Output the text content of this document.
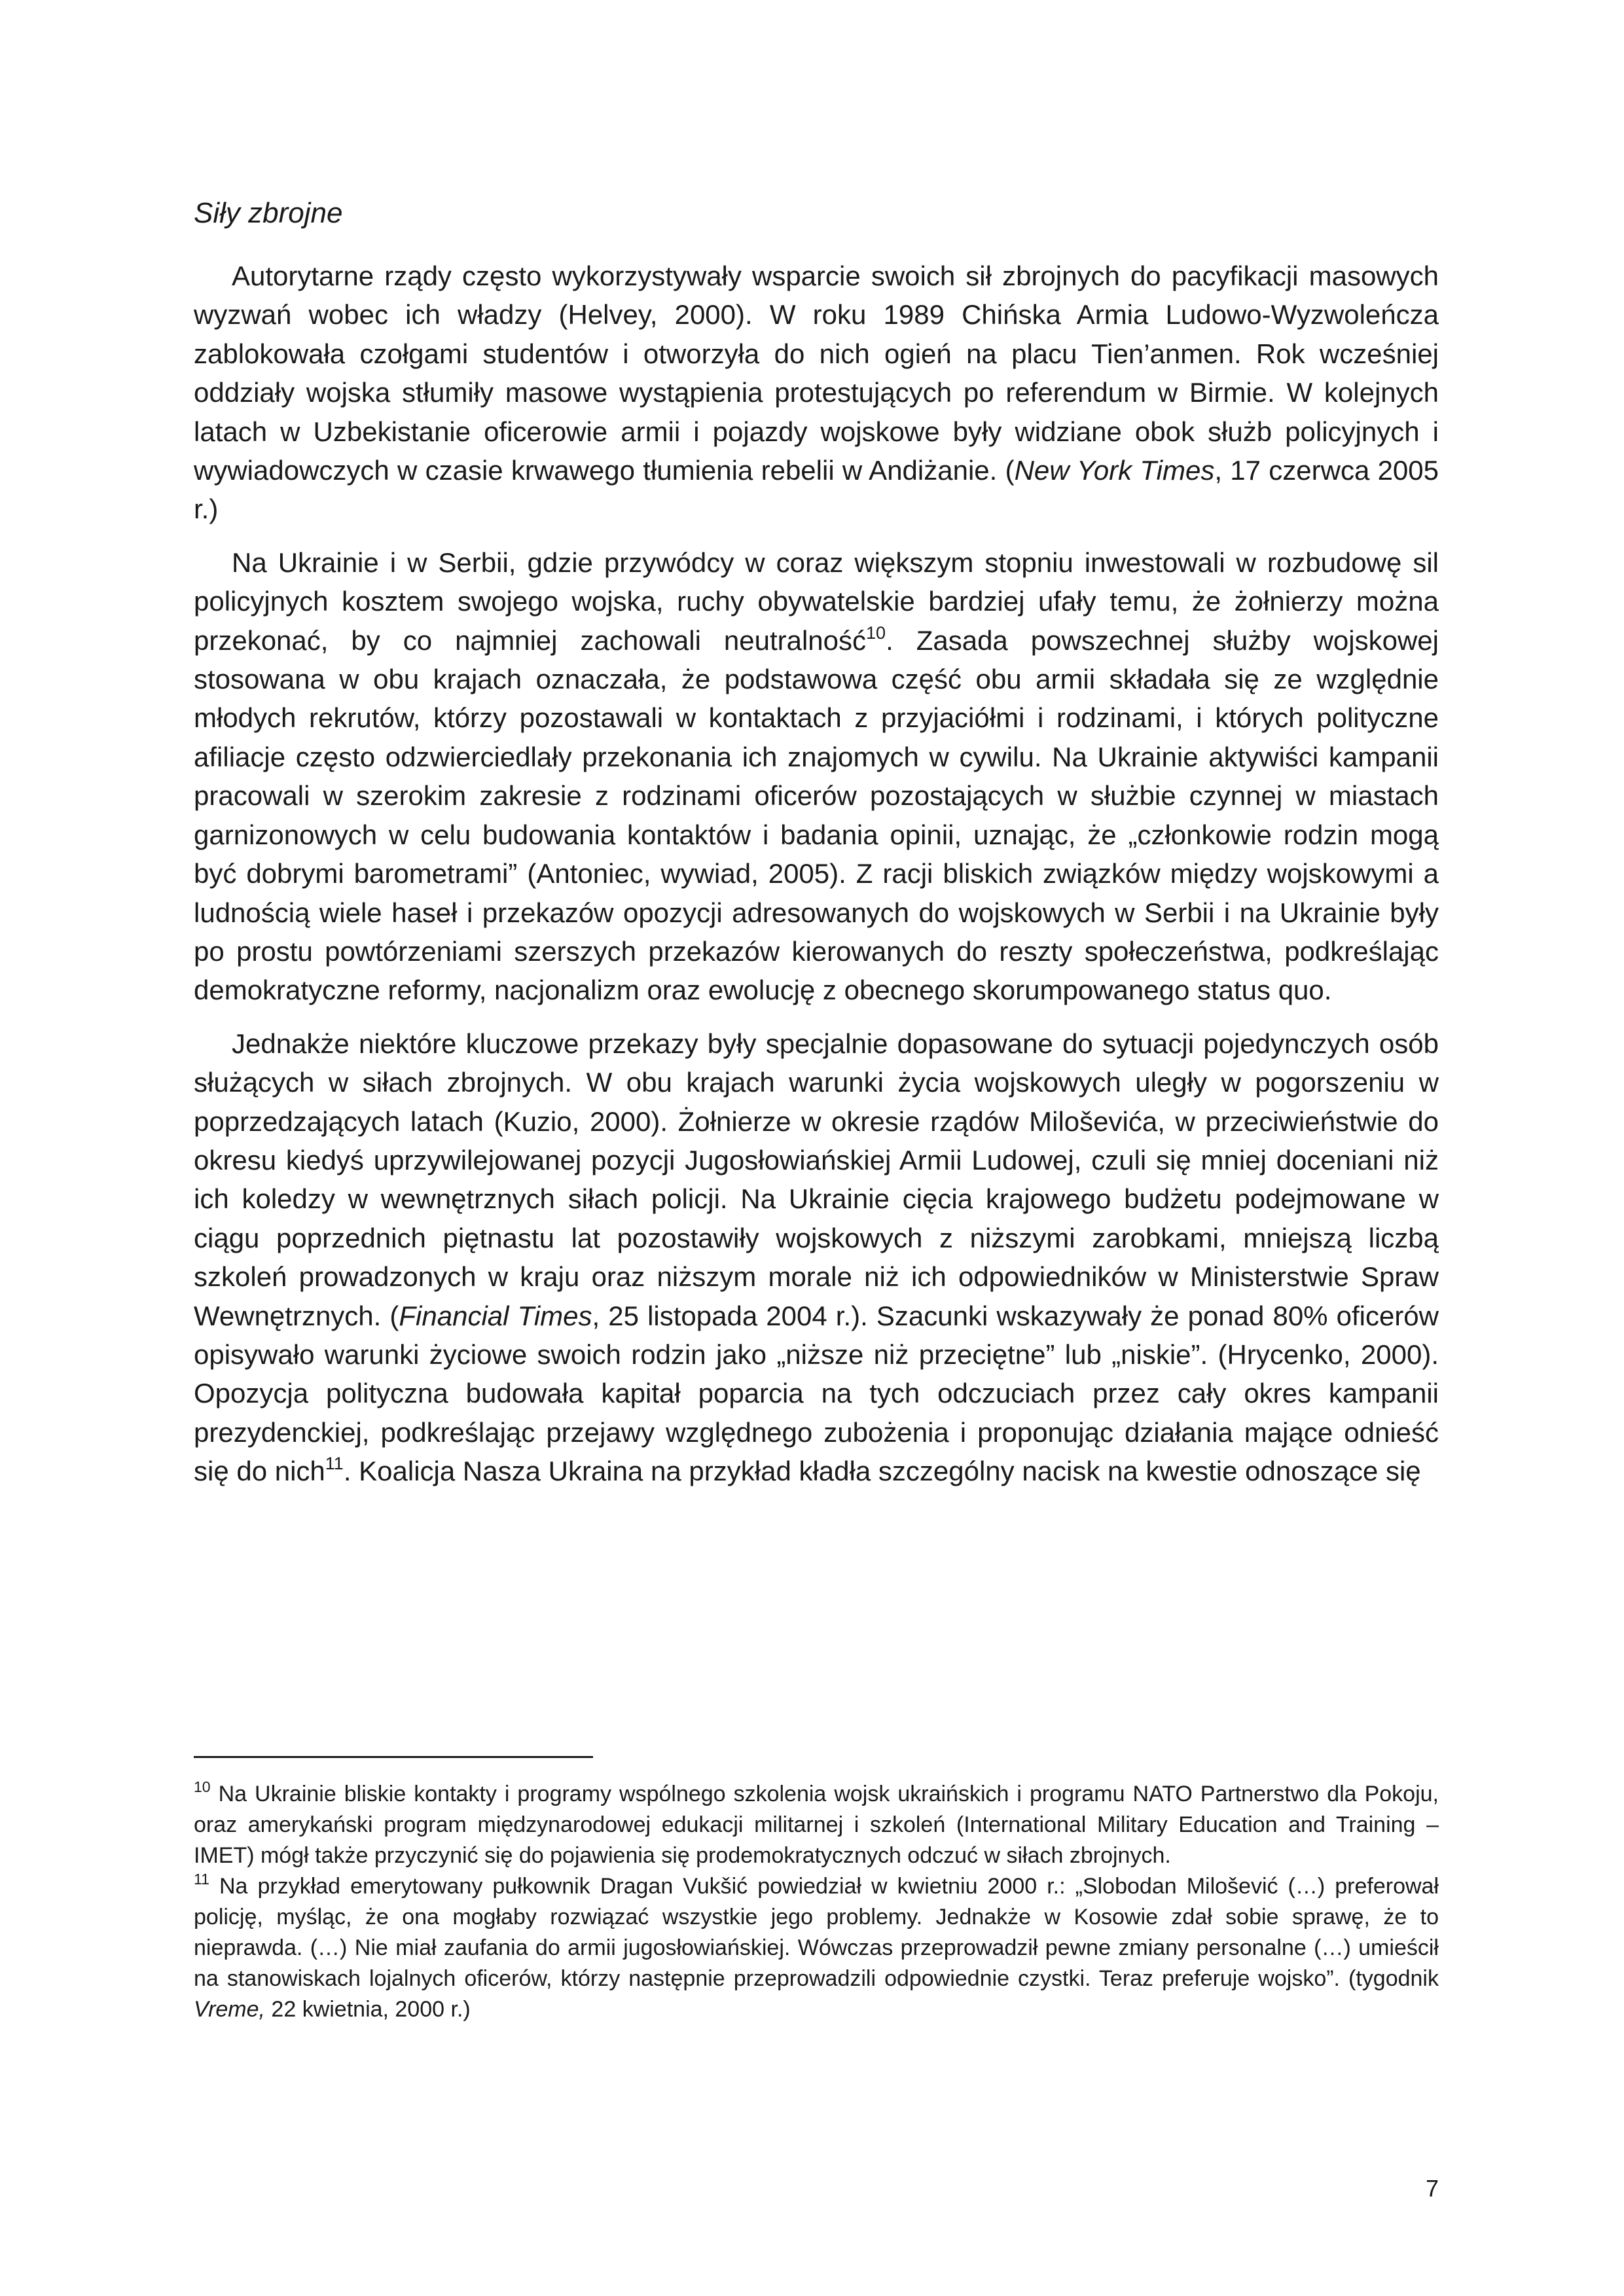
Siły zbrojne

Autorytarne rządy często wykorzystywały wsparcie swoich sił zbrojnych do pacyfikacji masowych wyzwań wobec ich władzy (Helvey, 2000). W roku 1989 Chińska Armia Ludowo-Wyzwoleńcza zablokowała czołgami studentów i otworzyła do nich ogień na placu Tien’anmen. Rok wcześniej oddziały wojska stłumiły masowe wystąpienia protestujących po referendum w Birmie. W kolejnych latach w Uzbekistanie oficerowie armii i pojazdy wojskowe były widziane obok służb policyjnych i wywiadowczych w czasie krwawego tłumienia rebelii w Andiżanie. (New York Times, 17 czerwca 2005 r.)

Na Ukrainie i w Serbii, gdzie przywódcy w coraz większym stopniu inwestowali w rozbudowę sil policyjnych kosztem swojego wojska, ruchy obywatelskie bardziej ufały temu, że żołnierzy można przekonać, by co najmniej zachowali neutralność$^{10}$. Zasada powszechnej służby wojskowej stosowana w obu krajach oznaczała, że podstawowa część obu armii składała się ze względnie młodych rekrutów, którzy pozostawali w kontaktach z przyjaciółmi i rodzinami, i których polityczne afiliacje często odzwierciedlały przekonania ich znajomych w cywilu. Na Ukrainie aktywiści kampanii pracowali w szerokim zakresie z rodzinami oficerów pozostających w służbie czynnej w miastach garnizonowych w celu budowania kontaktów i badania opinii, uznając, że „członkowie rodzin mogą być dobrymi barometrami” (Antoniec, wywiad, 2005). Z racji bliskich związków między wojskowymi a ludnością wiele haseł i przekazów opozycji adresowanych do wojskowych w Serbii i na Ukrainie były po prostu powtórzeniami szerszych przekazów kierowanych do reszty społeczeństwa, podkreślając demokratyczne reformy, nacjonalizm oraz ewolucję z obecnego skorumpowanego status quo.

Jednakże niektóre kluczowe przekazy były specjalnie dopasowane do sytuacji pojedynczych osób służących w siłach zbrojnych. W obu krajach warunki życia wojskowych uległy w pogorszeniu w poprzedzających latach (Kuzio, 2000). Żołnierze w okresie rządów Miloševića, w przeciwieństwie do okresu kiedyś uprzywilejowanej pozycji Jugosłowiańskiej Armii Ludowej, czuli się mniej doceniani niż ich koledzy w wewnętrznych siłach policji. Na Ukrainie cięcia krajowego budżetu podejmowane w ciągu poprzednich piętnastu lat pozostawiły wojskowych z niższymi zarobkami, mniejszą liczbą szkoleń prowadzonych w kraju oraz niższym morale niż ich odpowiedników w Ministerstwie Spraw Wewnętrznych. (Financial Times, 25 listopada 2004 r.). Szacunki wskazywały że ponad 80% oficerów opisywało warunki życiowe swoich rodzin jako „niższe niż przeciętne” lub „niskie”. (Hrycenko, 2000). Opozycja polityczna budowała kapitał poparcia na tych odczuciach przez cały okres kampanii prezydenckiej, podkreślając przejawy względnego zubożenia i proponując działania mające odnieść się do nich$^{11}$. Koalicja Nasza Ukraina na przykład kładła szczególny nacisk na kwestie odnoszące się

$^{10}$ Na Ukrainie bliskie kontakty i programy wspólnego szkolenia wojsk ukraińskich i programu NATO Partnerstwo dla Pokoju, oraz amerykański program międzynarodowej edukacji militarnej i szkoleń (International Military Education and Training – IMET) mógł także przyczynić się do pojawienia się prodemokratycznych odczuć w siłach zbrojnych.

$^{11}$ Na przykład emerytowany pułkownik Dragan Vukšić powiedział w kwietniu 2000 r.: „Slobodan Milošević (…) preferował policję, myśląc, że ona mogłaby rozwiązać wszystkie jego problemy. Jednakże w Kosowie zdał sobie sprawę, że to nieprawda. (…) Nie miał zaufania do armii jugosłowiańskiej. Wówczas przeprowadził pewne zmiany personalne (…) umieścił na stanowiskach lojalnych oficerów, którzy następnie przeprowadzili odpowiednie czystki. Teraz preferuje wojsko”. (tygodnik Vreme, 22 kwietnia, 2000 r.)

7
